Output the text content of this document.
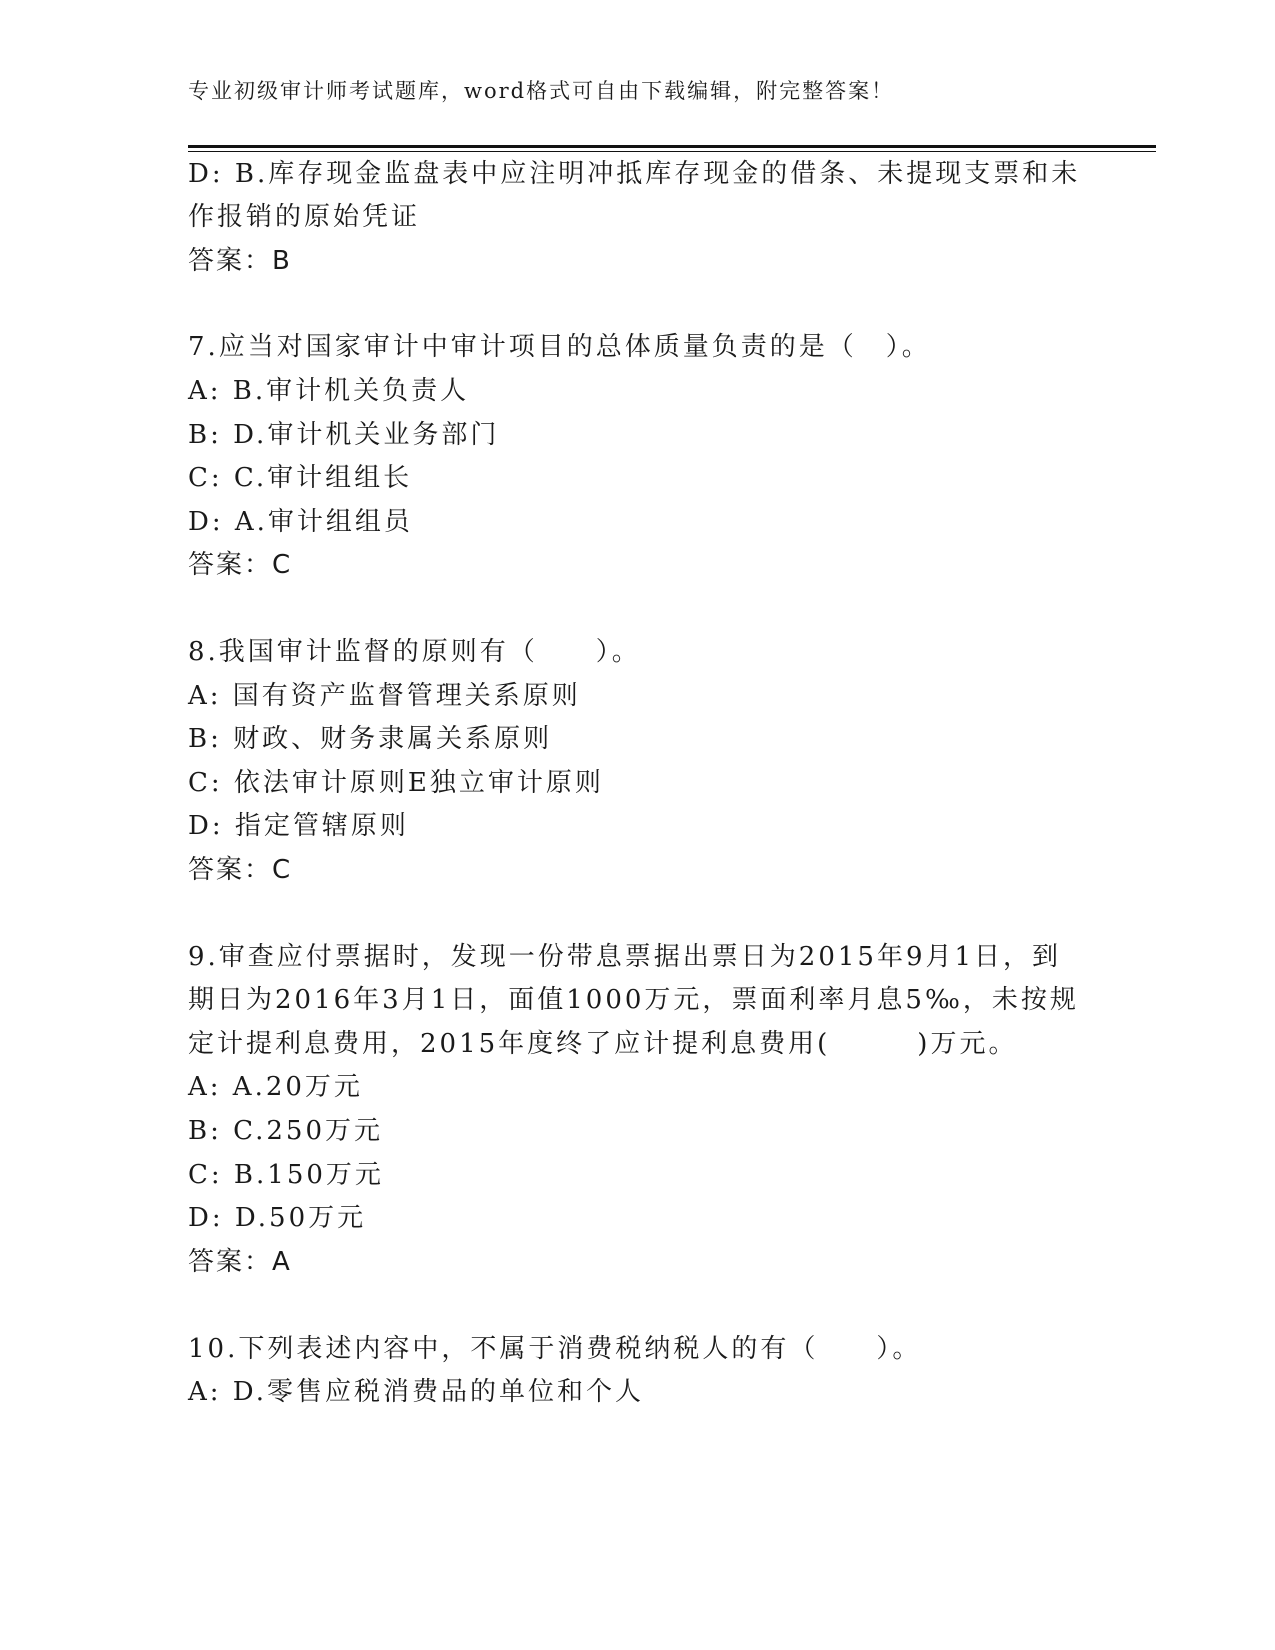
专业初级审计师考试题库，word格式可自由下载编辑，附完整答案！
D: B.库存现金监盘表中应注明冲抵库存现金的借条、未提现支票和未
作报销的原始凭证
答案：B
7.应当对国家审计中审计项目的总体质量负责的是（　）。
A: B.审计机关负责人
B: D.审计机关业务部门
C: C.审计组组长
D: A.审计组组员
答案：C
8.我国审计监督的原则有（　　）。
A: 国有资产监督管理关系原则
B: 财政、财务隶属关系原则
C: 依法审计原则E独立审计原则
D: 指定管辖原则
答案：C
9.审查应付票据时，发现一份带息票据出票日为2015年9月1日，到
期日为2016年3月1日，面值1000万元，票面利率月息5‰，未按规
定计提利息费用，2015年度终了应计提利息费用(　　　)万元。
A: A.20万元
B: C.250万元
C: B.150万元
D: D.50万元
答案：A
10.下列表述内容中，不属于消费税纳税人的有（　　）。
A: D.零售应税消费品的单位和个人
